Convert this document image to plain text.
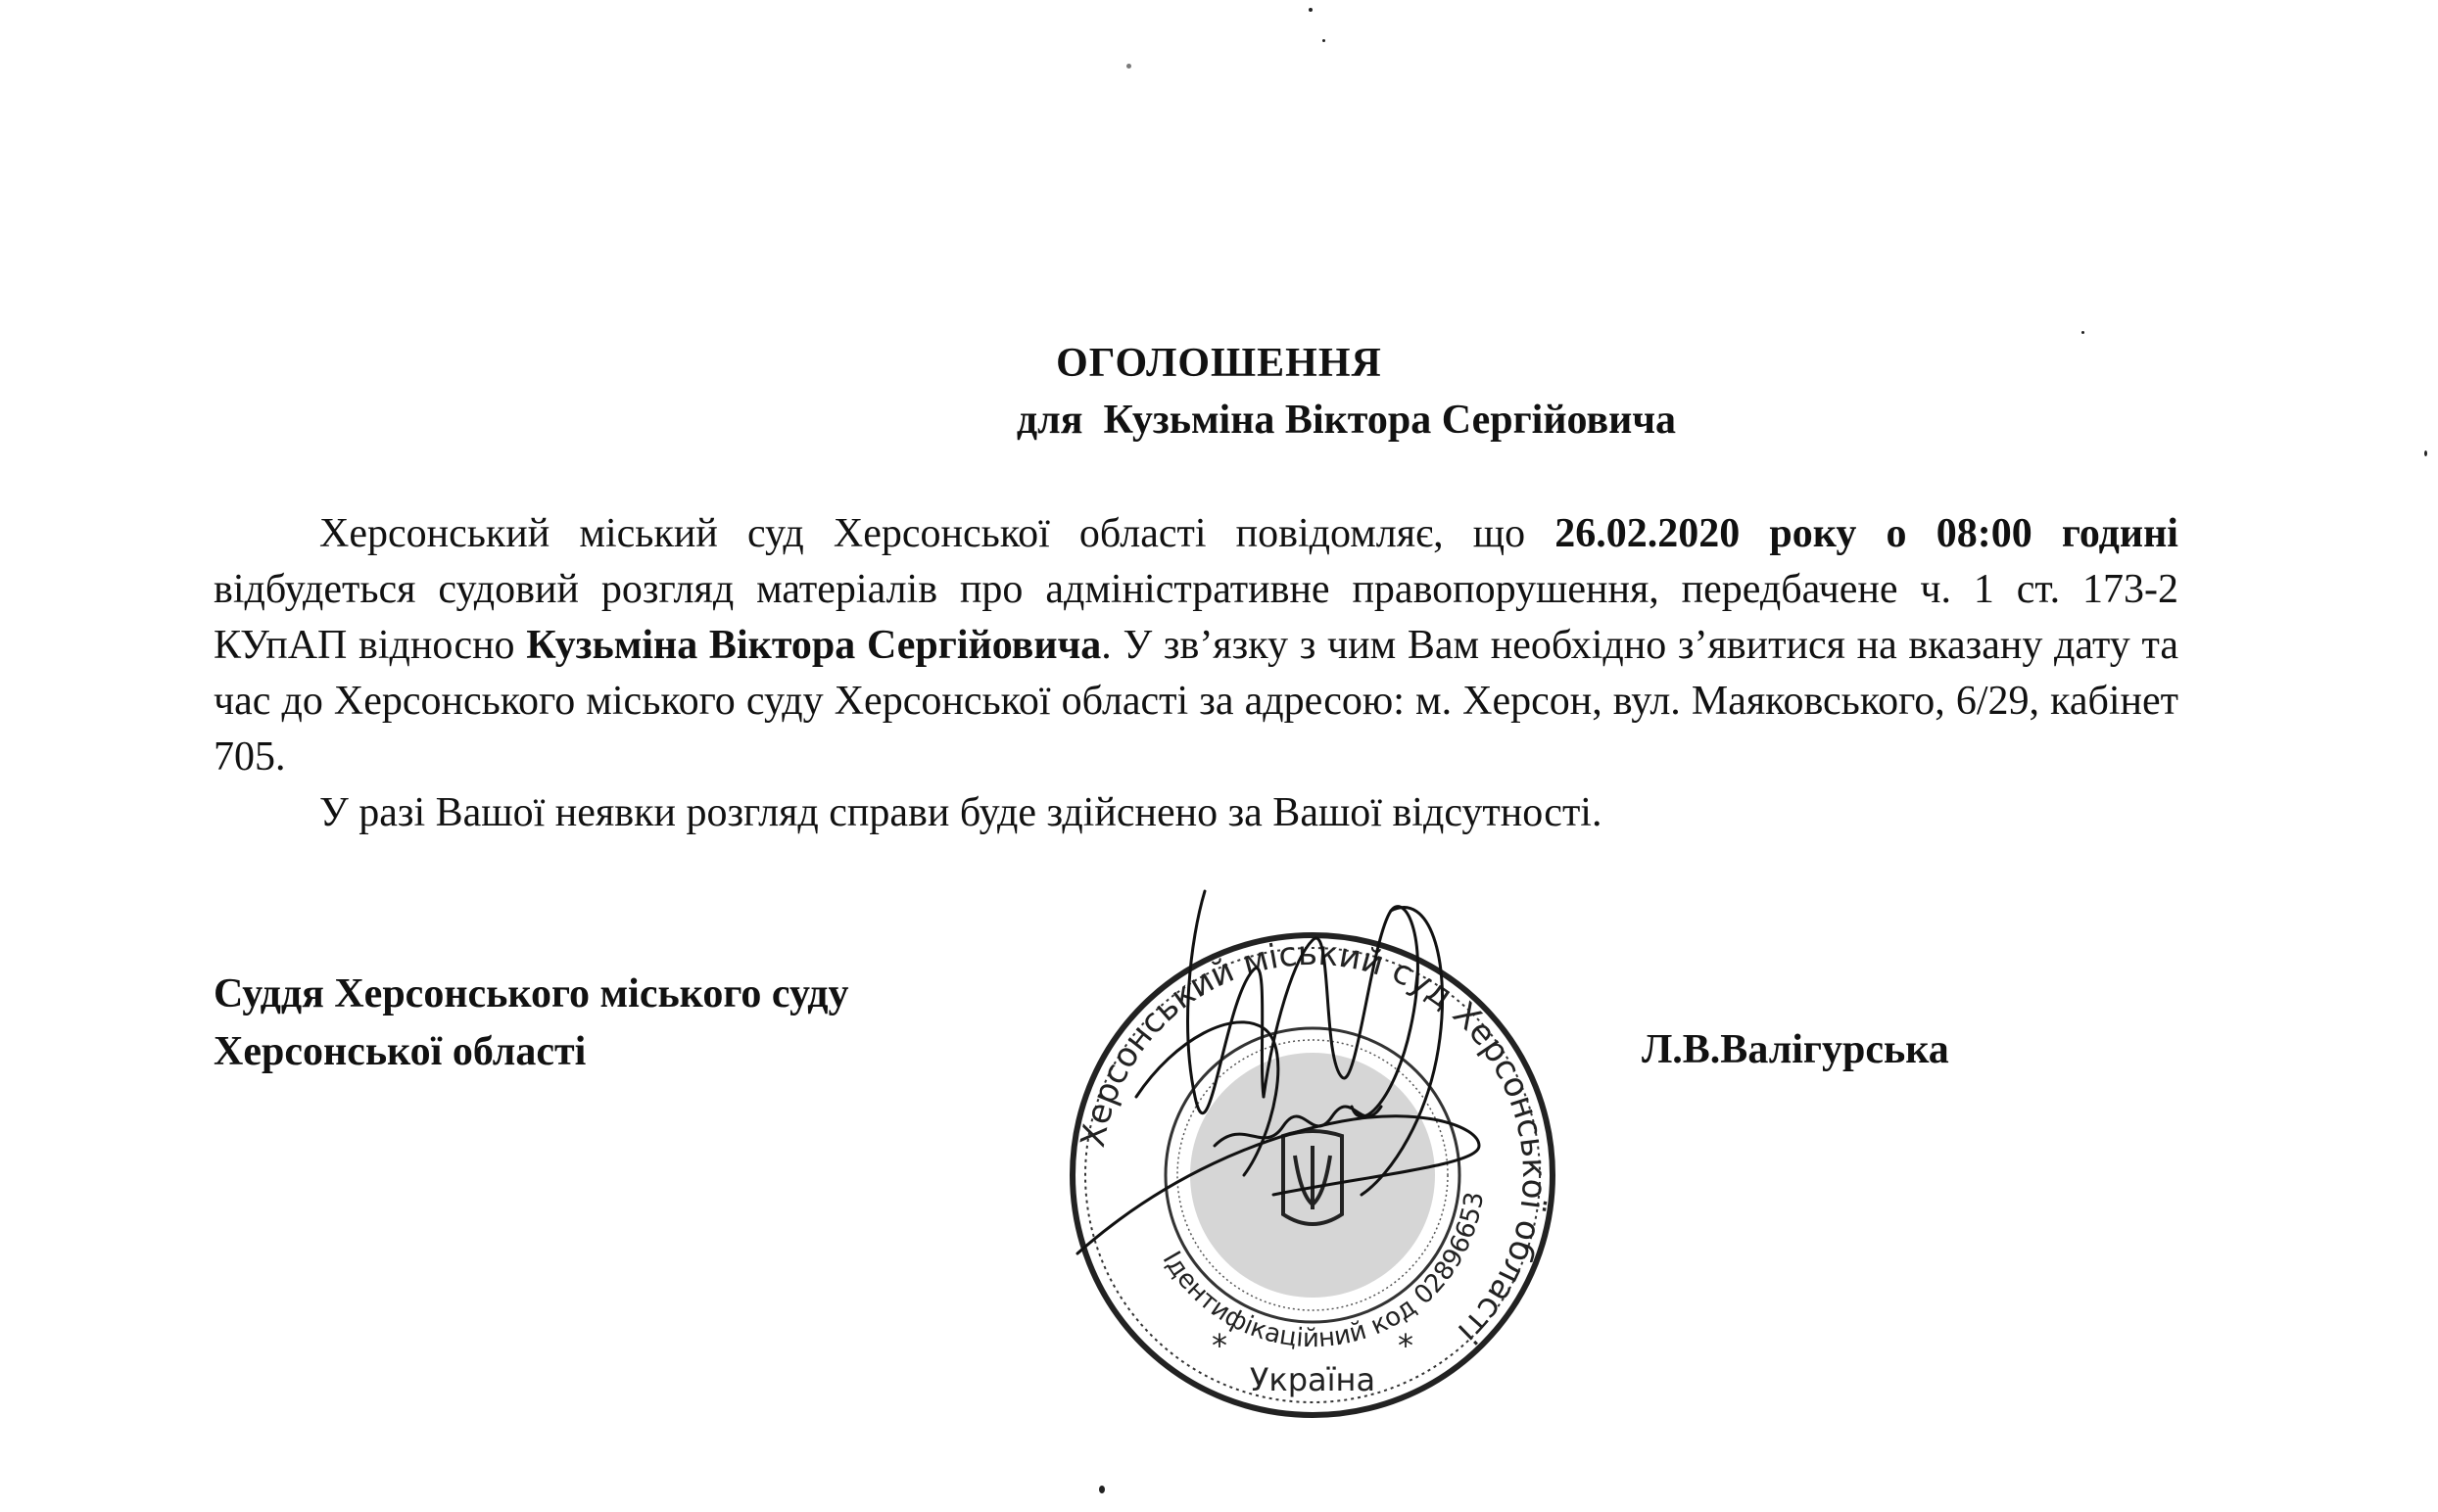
ОГОЛОШЕННЯ
для  Кузьміна Віктора Сергійовича

Херсонський міський суд Херсонської області повідомляє, що 26.02.2020 року о 08:00 годині відбудеться судовий розгляд матеріалів про адміністративне правопорушення, передбачене ч. 1 ст. 173-2 КУпАП відносно Кузьміна Віктора Сергійовича. У зв’язку з чим Вам необхідно з’явитися на вказану дату та час до Херсонського міського суду Херсонської області за адресою: м. Херсон, вул. Маяковського, 6/29, кабінет 705.

У разі Вашої неявки розгляд справи буде здійснено за Вашої відсутності.

Суддя Херсонського міського суду
Херсонської області	Л.В.Валігурська
Херсонський міський суд Херсонської області
Ідентифікаційний код 02896653
Україна
*	*
